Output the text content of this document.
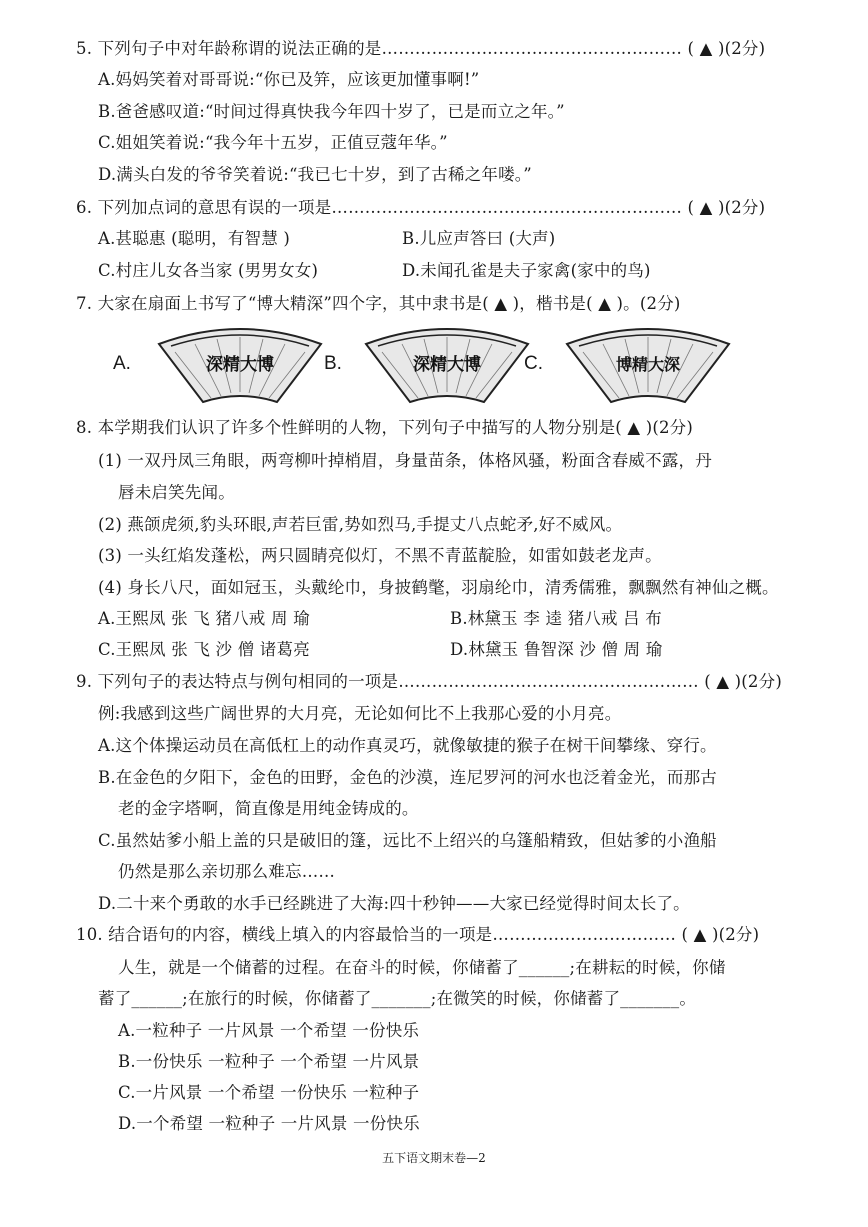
5. 下列句子中对年龄称谓的说法正确的是……………………………………………… ( ▲ )(2分)
A.妈妈笑着对哥哥说:“你已及笄，应该更加懂事啊!”
B.爸爸感叹道:“时间过得真快我今年四十岁了，已是而立之年。”
C.姐姐笑着说:“我今年十五岁，正值豆蔻年华。”
D.满头白发的爷爷笑着说:“我已七十岁，到了古稀之年喽。”
6. 下列加点词的意思有误的一项是……………………………………………………… ( ▲ )(2分)
A.甚聪惠 (聪明，有智慧 )	B.儿应声答曰 (大声)
C.村庄儿女各当家 (男男女女)	D.未闻孔雀是夫子家禽(家中的鸟)
7. 大家在扇面上书写了“博大精深”四个字，其中隶书是( ▲ )，楷书是( ▲ )。(2分)
A.	深精大博	B.	深精大博 C.	博精大深
8. 本学期我们认识了许多个性鲜明的人物，下列句子中描写的人物分别是( ▲ )(2分)
(1) 一双丹凤三角眼，两弯柳叶掉梢眉，身量苗条，体格风骚，粉面含春威不露，丹
唇未启笑先闻。
(2) 燕颌虎须,豹头环眼,声若巨雷,势如烈马,手提丈八点蛇矛,好不威风。
(3) 一头红焰发蓬松，两只圆睛亮似灯，不黑不青蓝靛脸，如雷如鼓老龙声。
(4) 身长八尺，面如冠玉，头戴纶巾，身披鹤氅，羽扇纶巾，清秀儒雅，飘飘然有神仙之概。
A.王熙凤 张 飞 猪八戒 周 瑜	B.林黛玉 李 逵 猪八戒 吕 布
C.王熙凤 张 飞 沙 僧 诸葛亮	D.林黛玉 鲁智深 沙 僧 周 瑜
9. 下列句子的表达特点与例句相同的一项是……………………………………………… ( ▲ )(2分)
例:我感到这些广阔世界的大月亮，无论如何比不上我那心爱的小月亮。
A.这个体操运动员在高低杠上的动作真灵巧，就像敏捷的猴子在树干间攀缘、穿行。
B.在金色的夕阳下，金色的田野，金色的沙漠，连尼罗河的河水也泛着金光，而那古
老的金字塔啊，简直像是用纯金铸成的。
C.虽然姑爹小船上盖的只是破旧的篷，远比不上绍兴的乌篷船精致，但姑爹的小渔船
仍然是那么亲切那么难忘……
D.二十来个勇敢的水手已经跳进了大海:四十秒钟——大家已经觉得时间太长了。
10. 结合语句的内容，横线上填入的内容最恰当的一项是…………………………… ( ▲ )(2分)
人生，就是一个储蓄的过程。在奋斗的时候，你储蓄了______;在耕耘的时候，你储
蓄了______;在旅行的时候，你储蓄了_______;在微笑的时候，你储蓄了_______。
A.一粒种子 一片风景 一个希望 一份快乐
B.一份快乐 一粒种子 一个希望 一片风景
C.一片风景 一个希望 一份快乐 一粒种子
D.一个希望 一粒种子 一片风景 一份快乐
五下语文期末卷—2
